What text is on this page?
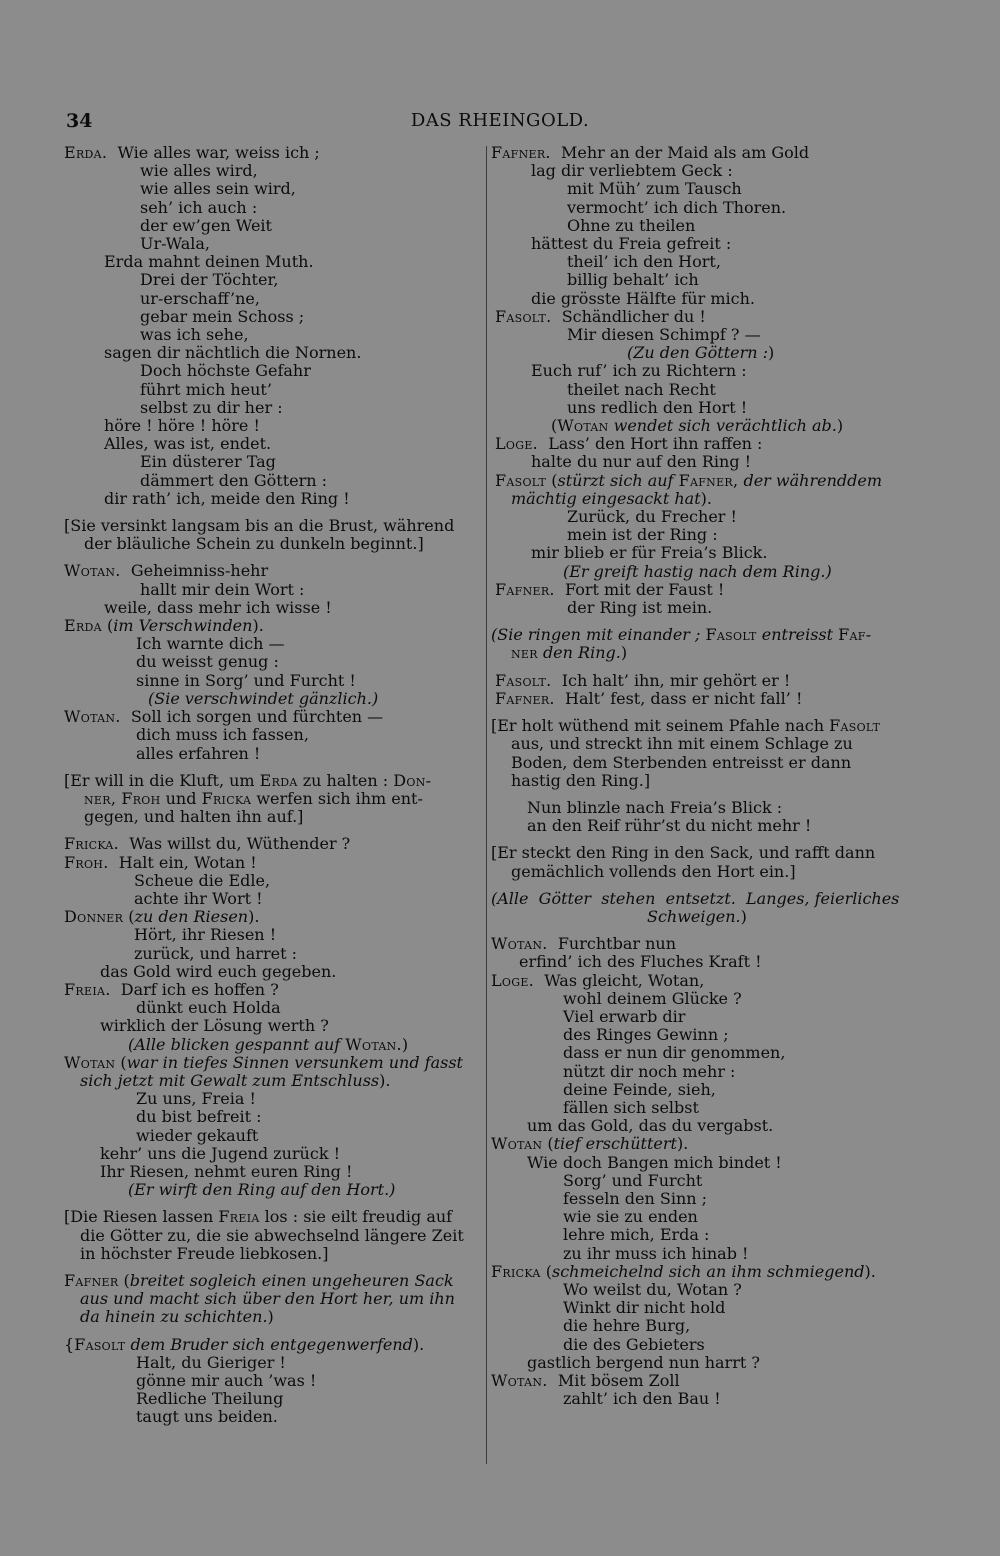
34	DAS RHEINGOLD.
Erda.  Wie alles war, weiss ich ;
wie alles wird,
wie alles sein wird,
seh’ ich auch :
der ew’gen Weit
Ur-Wala,
Erda mahnt deinen Muth.
Drei der Töchter,
ur-erschaff’ne,
gebar mein Schoss ;
was ich sehe,
sagen dir nächtlich die Nornen.
Doch höchste Gefahr
führt mich heut’
selbst zu dir her :
höre ! höre ! höre !
Alles, was ist, endet.
Ein düsterer Tag
dämmert den Göttern :
dir rath’ ich, meide den Ring !
[Sie versinkt langsam bis an die Brust, während
der bläuliche Schein zu dunkeln beginnt.]
Wotan.  Geheimniss-hehr
hallt mir dein Wort :
weile, dass mehr ich wisse !
Erda (im Verschwinden).
Ich warnte dich —
du weisst genug :
sinne in Sorg’ und Furcht !
(Sie verschwindet gänzlich.)
Wotan.  Soll ich sorgen und fürchten —
dich muss ich fassen,
alles erfahren !
[Er will in die Kluft, um Erda zu halten : Don-
ner, Froh und Fricka werfen sich ihm ent-
gegen, und halten ihn auf.]
Fricka.  Was willst du, Wüthender ?
Froh.  Halt ein, Wotan !
Scheue die Edle,
achte ihr Wort !
Donner (zu den Riesen).
Hört, ihr Riesen !
zurück, und harret :
das Gold wird euch gegeben.
Freia.  Darf ich es hoffen ?
dünkt euch Holda
wirklich der Lösung werth ?
(Alle blicken gespannt auf Wotan.)
Wotan (war in tiefes Sinnen versunkem und fasst
sich jetzt mit Gewalt zum Entschluss).
Zu uns, Freia !
du bist befreit :
wieder gekauft
kehr’ uns die Jugend zurück !
Ihr Riesen, nehmt euren Ring !
(Er wirft den Ring auf den Hort.)
[Die Riesen lassen Freia los : sie eilt freudig auf
die Götter zu, die sie abwechselnd längere Zeit
in höchster Freude liebkosen.]
Fafner (breitet sogleich einen ungeheuren Sack
aus und macht sich über den Hort her, um ihn
da hinein zu schichten.)
{Fasolt dem Bruder sich entgegenwerfend).
Halt, du Gieriger !
gönne mir auch ’was !
Redliche Theilung
taugt uns beiden.
Fafner.  Mehr an der Maid als am Gold
lag dir verliebtem Geck :
mit Müh’ zum Tausch
vermocht’ ich dich Thoren.
Ohne zu theilen
hättest du Freia gefreit :
theil’ ich den Hort,
billig behalt’ ich
die grösste Hälfte für mich.
Fasolt.  Schändlicher du !
Mir diesen Schimpf ? —
(Zu den Göttern :)
Euch ruf’ ich zu Richtern :
theilet nach Recht
uns redlich den Hort !
(Wotan wendet sich verächtlich ab.)
Loge.  Lass’ den Hort ihn raffen :
halte du nur auf den Ring !
Fasolt (stürzt sich auf Fafner, der währenddem
mächtig eingesackt hat).
Zurück, du Frecher !
mein ist der Ring :
mir blieb er für Freia’s Blick.
(Er greift hastig nach dem Ring.)
Fafner.  Fort mit der Faust !
der Ring ist mein.
(Sie ringen mit einander ; Fasolt entreisst Faf-
ner den Ring.)
Fasolt.  Ich halt’ ihn, mir gehört er !
Fafner.  Halt’ fest, dass er nicht fall’ !
[Er holt wüthend mit seinem Pfahle nach Fasolt
aus, und streckt ihn mit einem Schlage zu
Boden, dem Sterbenden entreisst er dann
hastig den Ring.]
Nun blinzle nach Freia’s Blick :
an den Reif rühr’st du nicht mehr !
[Er steckt den Ring in den Sack, und rafft dann
gemächlich vollends den Hort ein.]
(Alle  Götter  stehen  entsetzt.  Langes, feierliches
Schweigen.)
Wotan.  Furchtbar nun
erfind’ ich des Fluches Kraft !
Loge.  Was gleicht, Wotan,
wohl deinem Glücke ?
Viel erwarb dir
des Ringes Gewinn ;
dass er nun dir genommen,
nützt dir noch mehr :
deine Feinde, sieh,
fällen sich selbst
um das Gold, das du vergabst.
Wotan (tief erschüttert).
Wie doch Bangen mich bindet !
Sorg’ und Furcht
fesseln den Sinn ;
wie sie zu enden
lehre mich, Erda :
zu ihr muss ich hinab !
Fricka (schmeichelnd sich an ihm schmiegend).
Wo weilst du, Wotan ?
Winkt dir nicht hold
die hehre Burg,
die des Gebieters
gastlich bergend nun harrt ?
Wotan.  Mit bösem Zoll
zahlt’ ich den Bau !
